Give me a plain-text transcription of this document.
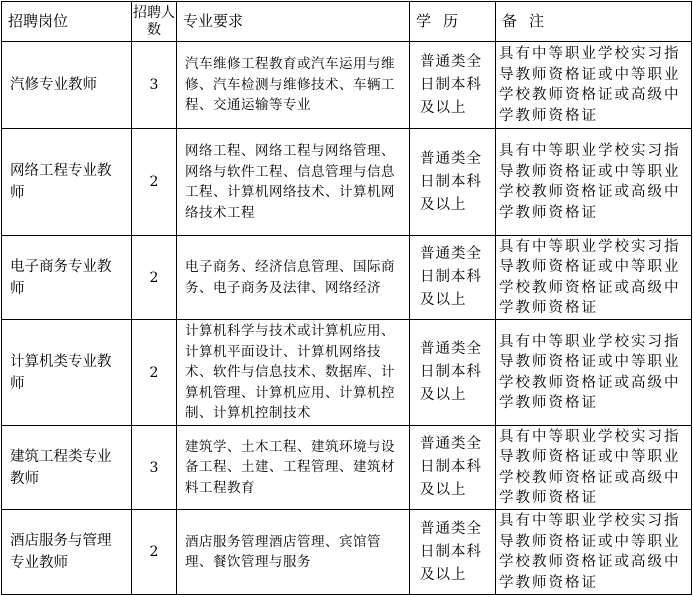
招聘岗位	招聘人数	专业要求	学历	备注
汽修专业教师	3	汽车维修工程教育或汽车运用与维修、汽车检测与维修技术、车辆工程、交通运输等专业	普通类全日制本科及以上	具有中等职业学校实习指导教师资格证或中等职业学校教师资格证或高级中学教师资格证
网络工程专业教师	2	网络工程、网络工程与网络管理、网络与软件工程、信息管理与信息工程、计算机网络技术、计算机网络技术工程	普通类全日制本科及以上	具有中等职业学校实习指导教师资格证或中等职业学校教师资格证或高级中学教师资格证
电子商务专业教师	2	电子商务、经济信息管理、国际商务、电子商务及法律、网络经济	普通类全日制本科及以上	具有中等职业学校实习指导教师资格证或中等职业学校教师资格证或高级中学教师资格证
计算机类专业教师	2	计算机科学与技术或计算机应用、计算机平面设计、计算机网络技术、软件与信息技术、数据库、计算机管理、计算机应用、计算机控制、计算机控制技术	普通类全日制本科及以上	具有中等职业学校实习指导教师资格证或中等职业学校教师资格证或高级中学教师资格证
建筑工程类专业教师	3	建筑学、土木工程、建筑环境与设备工程、土建、工程管理、建筑材料工程教育	普通类全日制本科及以上	具有中等职业学校实习指导教师资格证或中等职业学校教师资格证或高级中学教师资格证
酒店服务与管理专业教师	2	酒店服务管理酒店管理、宾馆管理、餐饮管理与服务	普通类全日制本科及以上	具有中等职业学校实习指导教师资格证或中等职业学校教师资格证或高级中学教师资格证
